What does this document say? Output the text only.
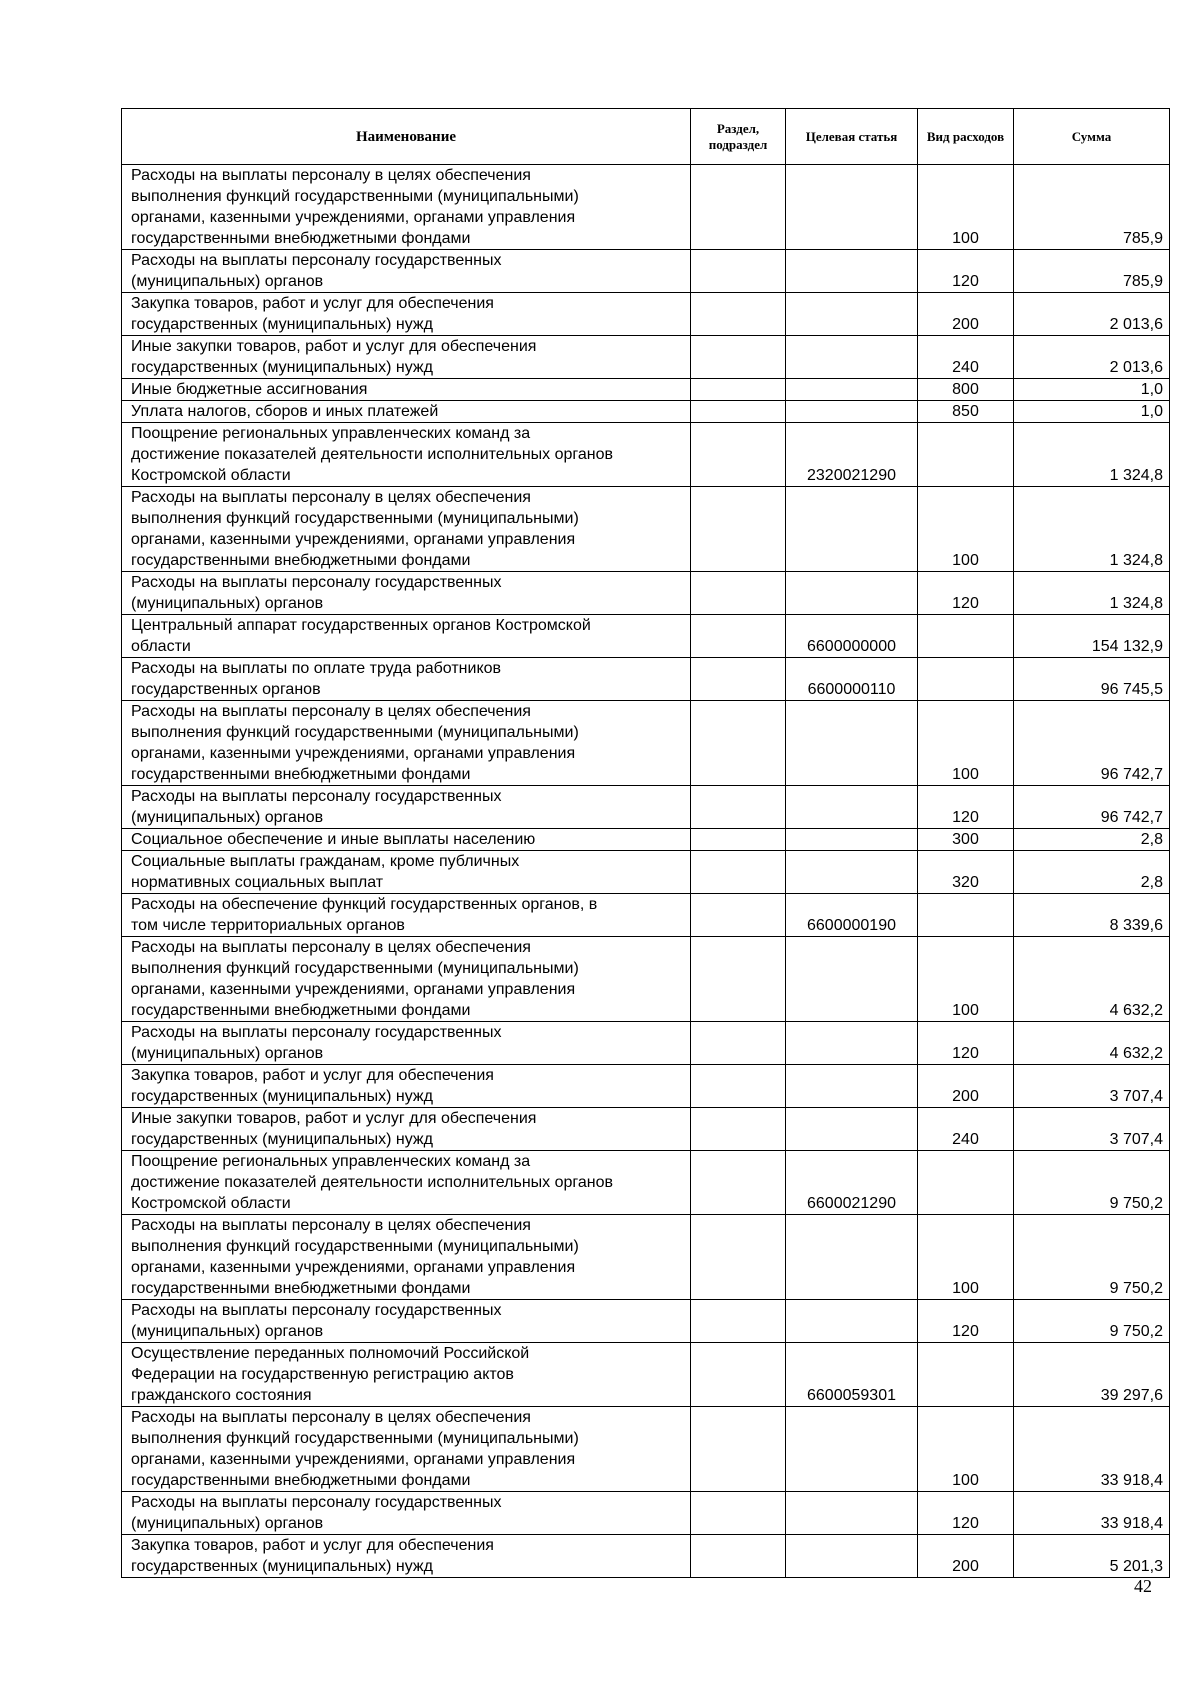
Наименование	Раздел, подраздел	Целевая статья	Вид расходов	Сумма
Расходы на выплаты персоналу в целях обеспечения
выполнения функций государственными (муниципальными)
органами, казенными учреждениями, органами управления
государственными внебюджетными фондами			100	785,9
Расходы на выплаты персоналу государственных
(муниципальных) органов			120	785,9
Закупка товаров, работ и услуг для обеспечения
государственных (муниципальных) нужд			200	2 013,6
Иные закупки товаров, работ и услуг для обеспечения
государственных (муниципальных) нужд			240	2 013,6
Иные бюджетные ассигнования			800	1,0
Уплата налогов, сборов и иных платежей			850	1,0
Поощрение региональных управленческих команд за
достижение показателей деятельности исполнительных органов
Костромской области		2320021290		1 324,8
Расходы на выплаты персоналу в целях обеспечения
выполнения функций государственными (муниципальными)
органами, казенными учреждениями, органами управления
государственными внебюджетными фондами			100	1 324,8
Расходы на выплаты персоналу государственных
(муниципальных) органов			120	1 324,8
Центральный аппарат государственных органов Костромской
области		6600000000		154 132,9
Расходы на выплаты по оплате труда работников
государственных органов		6600000110		96 745,5
Расходы на выплаты персоналу в целях обеспечения
выполнения функций государственными (муниципальными)
органами, казенными учреждениями, органами управления
государственными внебюджетными фондами			100	96 742,7
Расходы на выплаты персоналу государственных
(муниципальных) органов			120	96 742,7
Социальное обеспечение и иные выплаты населению			300	2,8
Социальные выплаты гражданам, кроме публичных
нормативных социальных выплат			320	2,8
Расходы на обеспечение функций государственных органов, в
том числе территориальных органов		6600000190		8 339,6
Расходы на выплаты персоналу в целях обеспечения
выполнения функций государственными (муниципальными)
органами, казенными учреждениями, органами управления
государственными внебюджетными фондами			100	4 632,2
Расходы на выплаты персоналу государственных
(муниципальных) органов			120	4 632,2
Закупка товаров, работ и услуг для обеспечения
государственных (муниципальных) нужд			200	3 707,4
Иные закупки товаров, работ и услуг для обеспечения
государственных (муниципальных) нужд			240	3 707,4
Поощрение региональных управленческих команд за
достижение показателей деятельности исполнительных органов
Костромской области		6600021290		9 750,2
Расходы на выплаты персоналу в целях обеспечения
выполнения функций государственными (муниципальными)
органами, казенными учреждениями, органами управления
государственными внебюджетными фондами			100	9 750,2
Расходы на выплаты персоналу государственных
(муниципальных) органов			120	9 750,2
Осуществление переданных полномочий Российской
Федерации на государственную регистрацию актов
гражданского состояния		6600059301		39 297,6
Расходы на выплаты персоналу в целях обеспечения
выполнения функций государственными (муниципальными)
органами, казенными учреждениями, органами управления
государственными внебюджетными фондами			100	33 918,4
Расходы на выплаты персоналу государственных
(муниципальных) органов			120	33 918,4
Закупка товаров, работ и услуг для обеспечения
государственных (муниципальных) нужд			200	5 201,3
42
